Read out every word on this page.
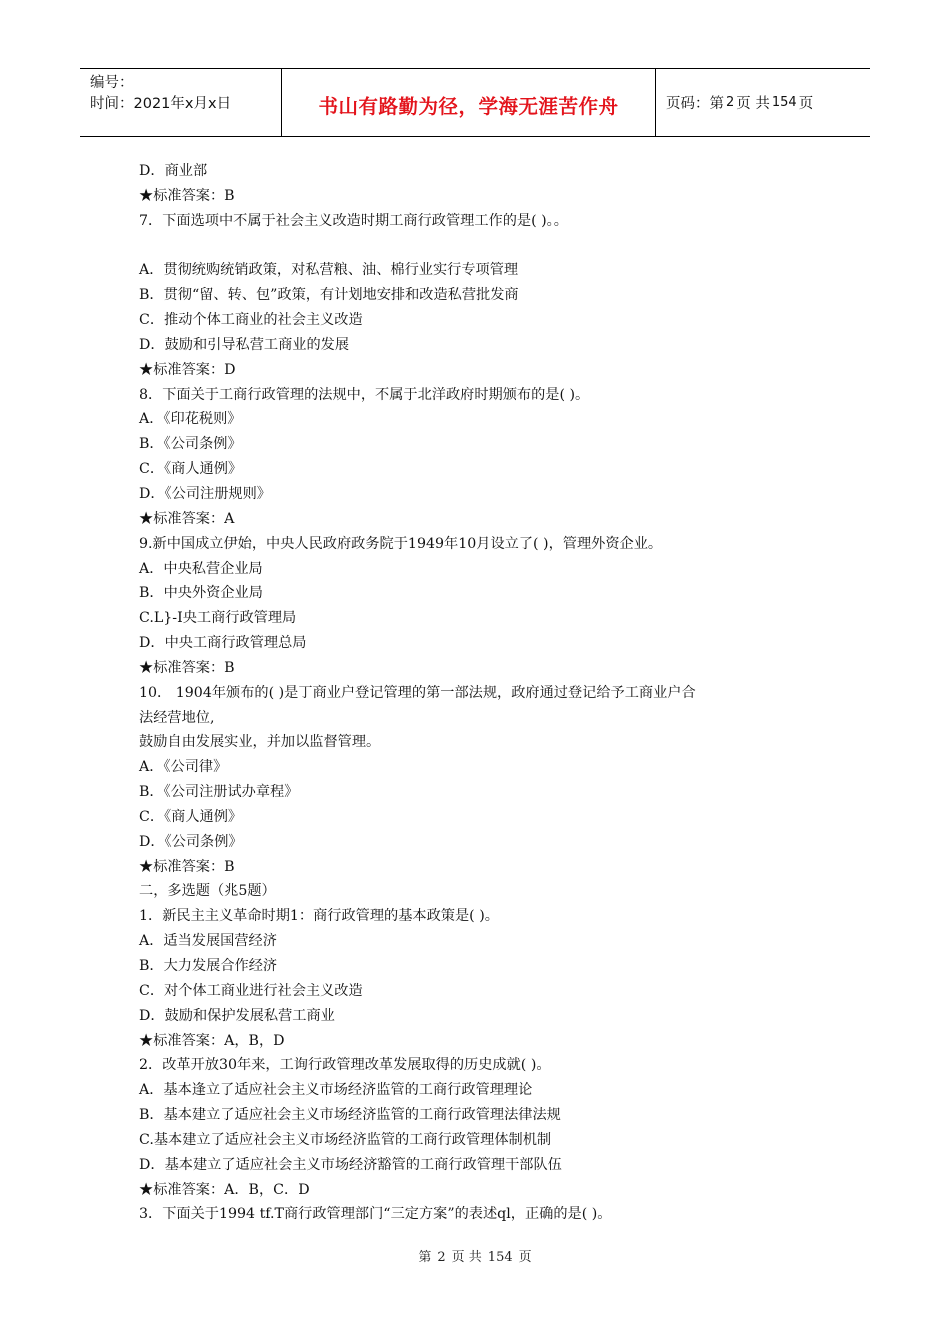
编号：
时间：2021年x月x日	书山有路勤为径，学海无涯苦作舟	页码：第 2 页 共 154 页
D．商业部
★标准答案：B
7．下面选项中不属于社会主义改造时期工商行政管理工作的是( )。。
A．贯彻统购统销政策，对私营粮、油、棉行业实行专项管理
B．贯彻“留、转、包”政策，有计划地安排和改造私营批发商
C．推动个体工商业的社会主义改造
D．鼓励和引导私营工商业的发展
★标准答案：D
8．下面关于工商行政管理的法规中，不属于北洋政府时期颁布的是( )。
A．《印花税则》
B．《公司条例》
C．《商人通例》
D．《公司注册规则》
★标准答案：A
9.新中国成立伊始，中央人民政府政务院于1949年10月设立了( )，管理外资企业。
A．中央私营企业局
B．中央外资企业局
C.L}-I央工商行政管理局
D．中央工商行政管理总局
★标准答案：B
10． 1904年颁布的( )是丁商业户登记管理的第一部法规，政府通过登记给予工商业户合
法经营地位,
鼓励自由发展实业，并加以监督管理。
A．《公司律》
B．《公司注册试办章程》
C．《商人通例》
D．《公司条例》
★标准答案：B
二，多选题（兆5题）
1．新民主主义革命时期1：商行政管理的基本政策是( )。
A．适当发展国营经济
B．大力发展合作经济
C．对个体工商业进行社会主义改造
D．鼓励和保护发展私营工商业
★标准答案：A，B，D
2．改革开放30年来，工询行政管理改革发展取得的历史成就( )。
A．基本逢立了适应社会主义市场经济监管的工商行政管理理论
B．基本建立了适应社会主义市场经济监管的工商行政管理法律法规
C.基本建立了适应社会主义市场经济监管的工商行政管理体制机制
D．基本建立了适应社会主义市场经济豁管的工商行政管理干部队伍
★标准答案：A．B，C．D
3．下面关于1994 tf.T商行政管理部门“三定方案”的表述ql，正确的是( )。
第 2 页 共 154 页
